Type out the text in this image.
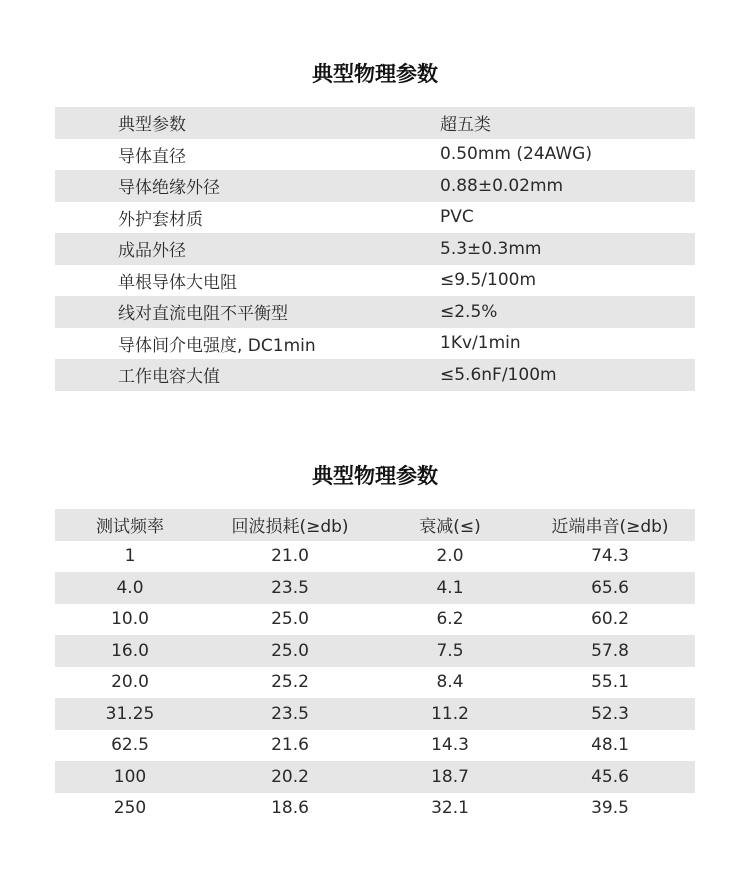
典型物理参数
典型参数	超五类
导体直径	0.50mm (24AWG)
导体绝缘外径	0.88±0.02mm
外护套材质	PVC
成品外径	5.3±0.3mm
单根导体大电阻	≤9.5/100m
线对直流电阻不平衡型	≤2.5%
导体间介电强度, DC1min	1Kv/1min
工作电容大值	≤5.6nF/100m
典型物理参数
测试频率	回波损耗(≥db)	衰减(≤)	近端串音(≥db)
1	21.0	2.0	74.3
4.0	23.5	4.1	65.6
10.0	25.0	6.2	60.2
16.0	25.0	7.5	57.8
20.0	25.2	8.4	55.1
31.25	23.5	11.2	52.3
62.5	21.6	14.3	48.1
100	20.2	18.7	45.6
250	18.6	32.1	39.5
